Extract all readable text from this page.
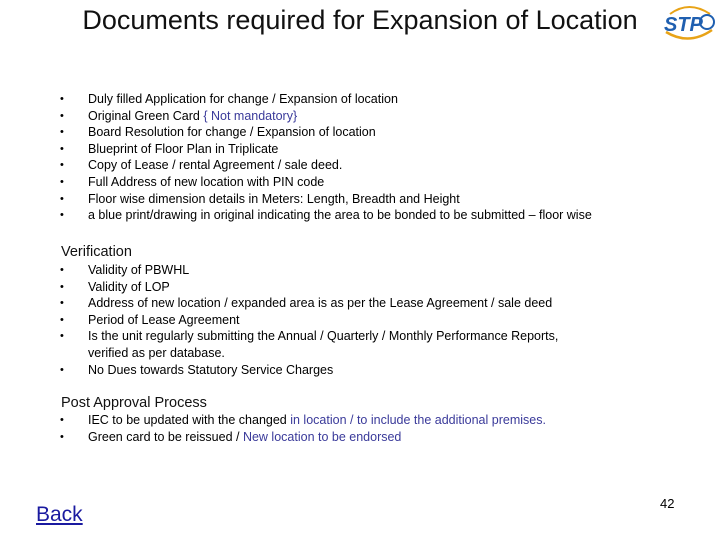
Documents required for Expansion of Location STP
• Duly filled Application for change / Expansion of location
• Original Green Card { Not mandatory}
• Board Resolution for change / Expansion of location
• Blueprint of Floor Plan in Triplicate
• Copy of Lease / rental Agreement / sale deed.
• Full Address of new location with PIN code
• Floor wise dimension details in Meters: Length, Breadth and Height
• a blue print/drawing in original indicating the area to be bonded to be submitted – floor wise
Verification
• Validity of PBWHL
• Validity of LOP
• Address of new location / expanded area is as per the Lease Agreement / sale deed
• Period of Lease Agreement
• Is the unit regularly submitting the Annual / Quarterly / Monthly Performance Reports,
verified as per database.
• No Dues towards Statutory Service Charges
Post Approval Process
• IEC to be updated with the changed in location / to include the additional premises.
• Green card to be reissued / New location to be endorsed
Back	42
